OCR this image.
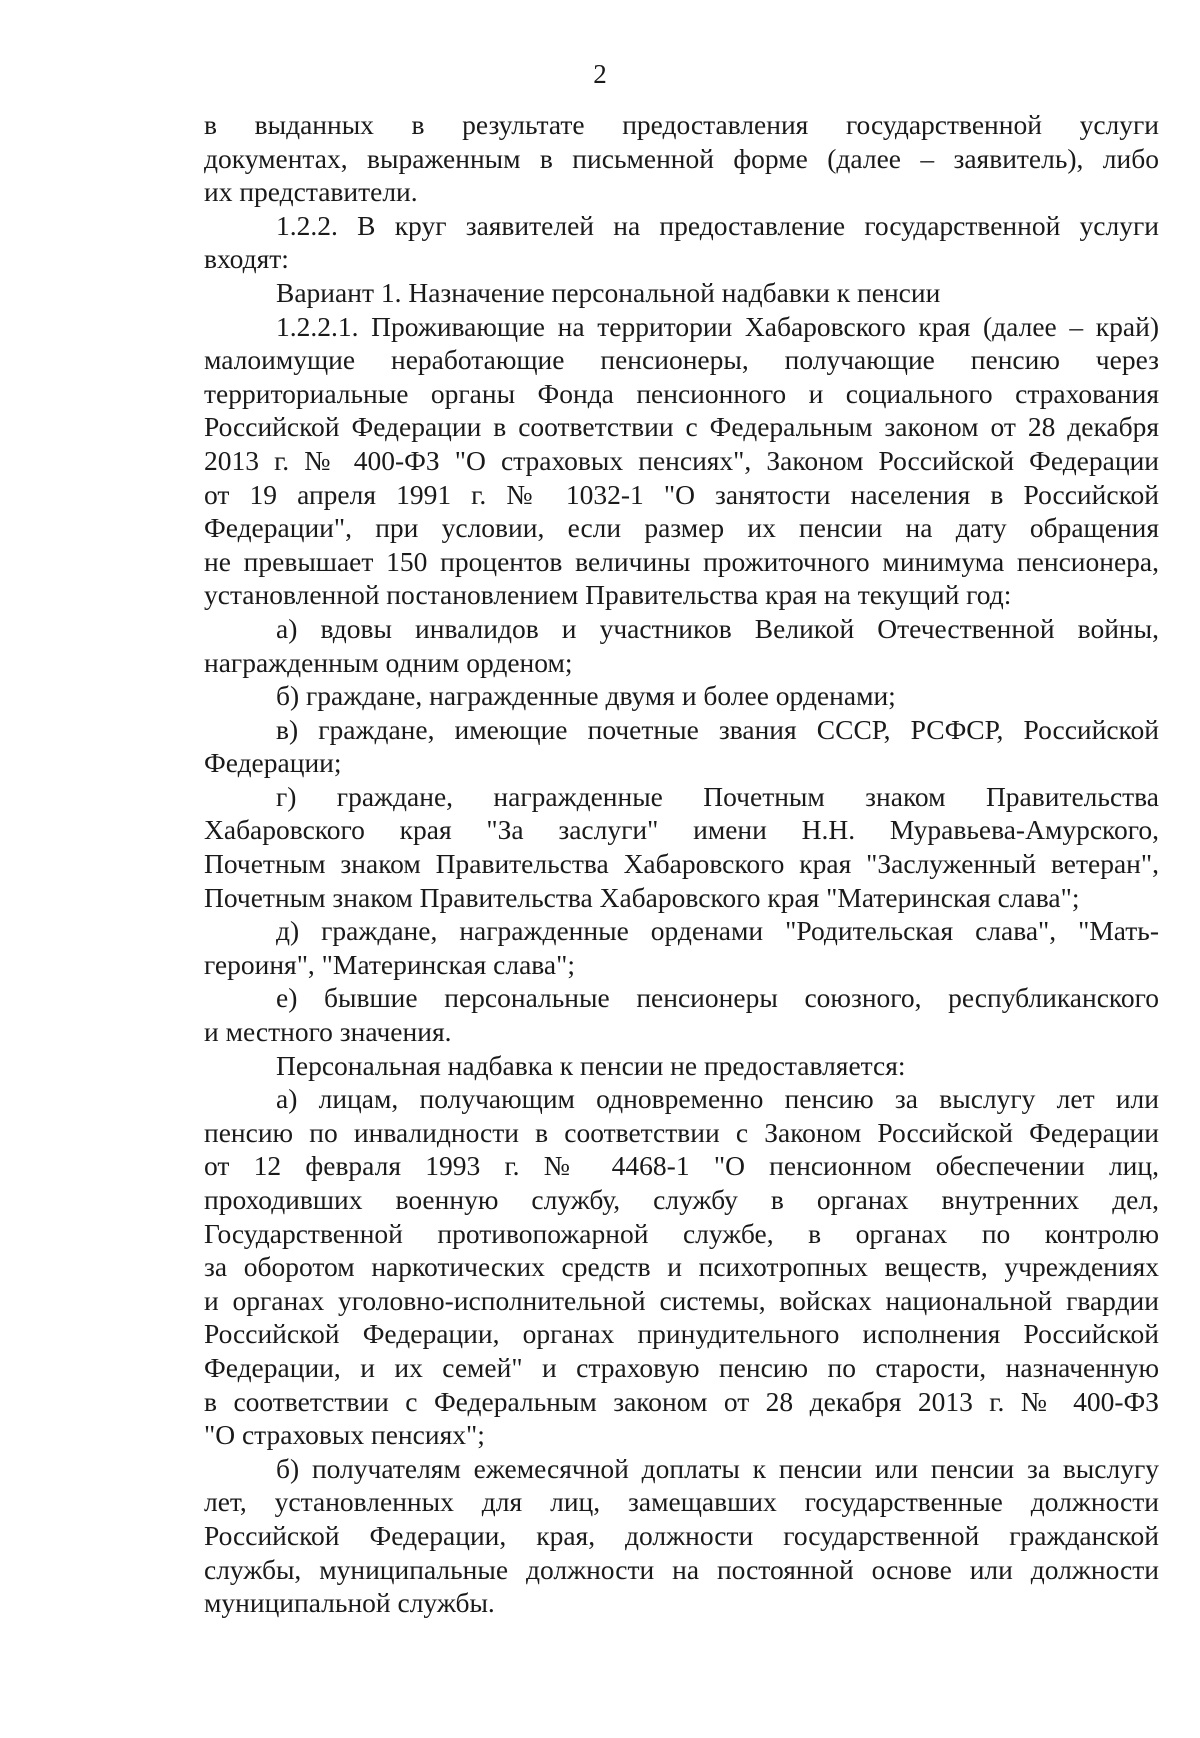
2
в выданных в результате предоставления государственной услуги
документах, выраженным в письменной форме (далее – заявитель), либо
их представители.
1.2.2. В круг заявителей на предоставление государственной услуги
входят:
Вариант 1. Назначение персональной надбавки к пенсии
1.2.2.1. Проживающие на территории Хабаровского края (далее – край)
малоимущие неработающие пенсионеры, получающие пенсию через
территориальные органы Фонда пенсионного и социального страхования
Российской Федерации в соответствии с Федеральным законом от 28 декабря
2013 г. № 400-ФЗ "О страховых пенсиях", Законом Российской Федерации
от 19 апреля 1991 г. № 1032-1 "О занятости населения в Российской
Федерации", при условии, если размер их пенсии на дату обращения
не превышает 150 процентов величины прожиточного минимума пенсионера,
установленной постановлением Правительства края на текущий год:
а) вдовы инвалидов и участников Великой Отечественной войны,
награжденным одним орденом;
б) граждане, награжденные двумя и более орденами;
в) граждане, имеющие почетные звания СССР, РСФСР, Российской
Федерации;
г) граждане, награжденные Почетным знаком Правительства
Хабаровского края "За заслуги" имени Н.Н. Муравьева-Амурского,
Почетным знаком Правительства Хабаровского края "Заслуженный ветеран",
Почетным знаком Правительства Хабаровского края "Материнская слава";
д) граждане, награжденные орденами "Родительская слава", "Мать-
героиня", "Материнская слава";
е) бывшие персональные пенсионеры союзного, республиканского
и местного значения.
Персональная надбавка к пенсии не предоставляется:
а) лицам, получающим одновременно пенсию за выслугу лет или
пенсию по инвалидности в соответствии с Законом Российской Федерации
от 12 февраля 1993 г. № 4468-1 "О пенсионном обеспечении лиц,
проходивших военную службу, службу в органах внутренних дел,
Государственной противопожарной службе, в органах по контролю
за оборотом наркотических средств и психотропных веществ, учреждениях
и органах уголовно-исполнительной системы, войсках национальной гвардии
Российской Федерации, органах принудительного исполнения Российской
Федерации, и их семей" и страховую пенсию по старости, назначенную
в соответствии с Федеральным законом от 28 декабря 2013 г. № 400-ФЗ
"О страховых пенсиях";
б) получателям ежемесячной доплаты к пенсии или пенсии за выслугу
лет, установленных для лиц, замещавших государственные должности
Российской Федерации, края, должности государственной гражданской
службы, муниципальные должности на постоянной основе или должности
муниципальной службы.
